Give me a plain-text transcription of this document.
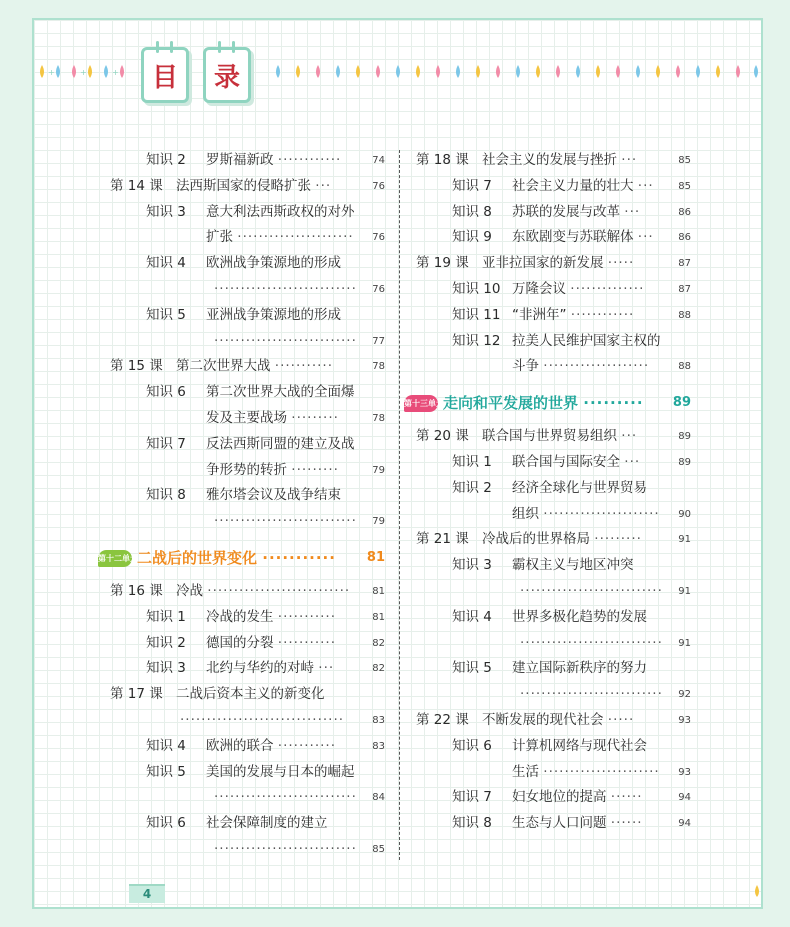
+	+	+ 目 录
知识 2 罗斯福新政 ············	74
第 14 课 法西斯国家的侵略扩张 ···	76
知识 3 意大利法西斯政权的对外
扩张 ······················ 76
知识 4 欧洲战争策源地的形成
··························· 76
知识 5 亚洲战争策源地的形成
··························· 77
第 15 课 第二次世界大战 ···········	78
知识 6 第二次世界大战的全面爆
发及主要战场 ·········	78
知识 7 反法西斯同盟的建立及战
争形势的转折 ·········	79
知识 8 雅尔塔会议及战争结束
··························· 79
第十二单元二战后的世界变化 ··········· 81
第 16 课 冷战 ··························· 81
知识 1 冷战的发生 ···········	81
知识 2 德国的分裂 ···········	82
知识 3 北约与华约的对峙 ···	82
第 17 课 二战后资本主义的新变化
·······························	83
知识 4 欧洲的联合 ···········	83
知识 5 美国的发展与日本的崛起
··························· 84
知识 6 社会保障制度的建立
··························· 85
第 18 课 社会主义的发展与挫折 ···	85
知识 7 社会主义力量的壮大 ··· 85
知识 8 苏联的发展与改革 ···	86
知识 9 东欧剧变与苏联解体 ··· 86
第 19 课 亚非拉国家的新发展 ·····	87
知识 10 万隆会议 ··············	87
知识 11 “非洲年” ············	88
知识 12 拉美人民维护国家主权的
斗争 ····················	88
第十三单元走向和平发展的世界 ········· 89
第 20 课 联合国与世界贸易组织 ···	89
知识 1 联合国与国际安全 ···	89
知识 2 经济全球化与世界贸易
组织 ······················ 90
第 21 课 冷战后的世界格局 ·········	91
知识 3 霸权主义与地区冲突
··························· 91
知识 4 世界多极化趋势的发展
··························· 91
知识 5 建立国际新秩序的努力
··························· 92
第 22 课 不断发展的现代社会 ·····	93
知识 6 计算机网络与现代社会
生活 ······················ 93
知识 7 妇女地位的提高 ······	94
知识 8 生态与人口问题 ······	94
4
